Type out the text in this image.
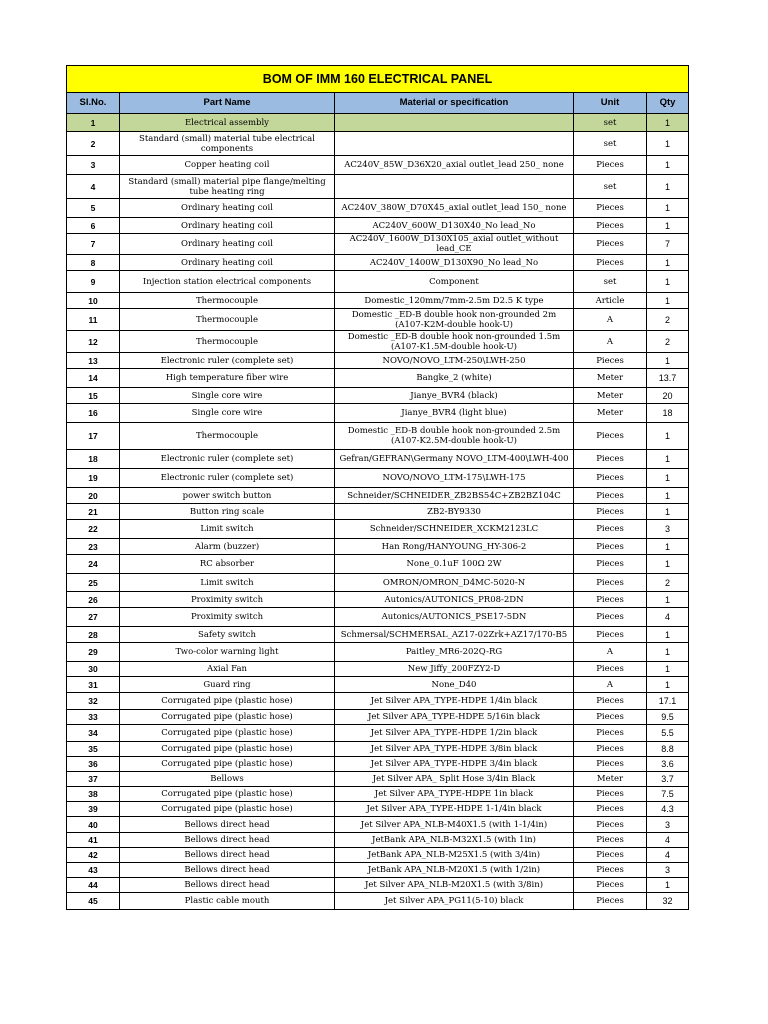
BOM OF IMM 160 ELECTRICAL PANEL				
Sl.No.	Part Name	Material or specification	Unit	Qty
1	Electrical assembly		set	1
2	Standard (small) material tube electrical components		set	1
3	Copper heating coil	AC240V_85W_D36X20_axial outlet_lead 250_ none	Pieces	1
4	Standard (small) material pipe flange/melting tube heating ring		set	1
5	Ordinary heating coil	AC240V_380W_D70X45_axial outlet_lead 150_ none	Pieces	1
6	Ordinary heating coil	AC240V_600W_D130X40_No lead_No	Pieces	1
7	Ordinary heating coil	AC240V_1600W_D130X105_axial outlet_without lead_CE	Pieces	7
8	Ordinary heating coil	AC240V_1400W_D130X90_No lead_No	Pieces	1
9	Injection station electrical components	Component	set	1
10	Thermocouple	Domestic_120mm/7mm-2.5m D2.5 K type	Article	1
11	Thermocouple	Domestic _ED-B double hook non-grounded 2m (A107-K2M-double hook-U)	A	2
12	Thermocouple	Domestic _ED-B double hook non-grounded 1.5m (A107-K1.5M-double hook-U)	A	2
13	Electronic ruler (complete set)	NOVO/NOVO_LTM-250\LWH-250	Pieces	1
14	High temperature fiber wire	Bangke_2 (white)	Meter	13.7
15	Single core wire	Jianye_BVR4 (black)	Meter	20
16	Single core wire	Jianye_BVR4 (light blue)	Meter	18
17	Thermocouple	Domestic _ED-B double hook non-grounded 2.5m (A107-K2.5M-double hook-U)	Pieces	1
18	Electronic ruler (complete set)	Gefran/GEFRAN\Germany NOVO_LTM-400\LWH-400	Pieces	1
19	Electronic ruler (complete set)	NOVO/NOVO_LTM-175\LWH-175	Pieces	1
20	power switch button	Schneider/SCHNEIDER_ZB2BS54C+ZB2BZ104C	Pieces	1
21	Button ring scale	ZB2-BY9330	Pieces	1
22	Limit switch	Schneider/SCHNEIDER_XCKM2123LC	Pieces	3
23	Alarm (buzzer)	Han Rong/HANYOUNG_HY-306-2	Pieces	1
24	RC absorber	None_0.1uF 100Ω 2W	Pieces	1
25	Limit switch	OMRON/OMRON_D4MC-5020-N	Pieces	2
26	Proximity switch	Autonics/AUTONICS_PR08-2DN	Pieces	1
27	Proximity switch	Autonics/AUTONICS_PSE17-5DN	Pieces	4
28	Safety switch	Schmersal/SCHMERSAL_AZ17-02Zrk+AZ17/170-B5	Pieces	1
29	Two-color warning light	Paitley_MR6-202Q-RG	A	1
30	Axial Fan	New Jiffy_200FZY2-D	Pieces	1
31	Guard ring	None_D40	A	1
32	Corrugated pipe (plastic hose)	Jet Silver APA_TYPE-HDPE 1/4in black	Pieces	17.1
33	Corrugated pipe (plastic hose)	Jet Silver APA_TYPE-HDPE 5/16in black	Pieces	9.5
34	Corrugated pipe (plastic hose)	Jet Silver APA_TYPE-HDPE 1/2in black	Pieces	5.5
35	Corrugated pipe (plastic hose)	Jet Silver APA_TYPE-HDPE 3/8in black	Pieces	8.8
36	Corrugated pipe (plastic hose)	Jet Silver APA_TYPE-HDPE 3/4in black	Pieces	3.6
37	Bellows	Jet Silver APA_ Split Hose 3/4in Black	Meter	3.7
38	Corrugated pipe (plastic hose)	Jet Silver APA_TYPE-HDPE 1in black	Pieces	7.5
39	Corrugated pipe (plastic hose)	Jet Silver APA_TYPE-HDPE 1-1/4in black	Pieces	4.3
40	Bellows direct head	Jet Silver APA_NLB-M40X1.5 (with 1-1/4in)	Pieces	3
41	Bellows direct head	JetBank APA_NLB-M32X1.5 (with 1in)	Pieces	4
42	Bellows direct head	JetBank APA_NLB-M25X1.5 (with 3/4in)	Pieces	4
43	Bellows direct head	JetBank APA_NLB-M20X1.5 (with 1/2in)	Pieces	3
44	Bellows direct head	Jet Silver APA_NLB-M20X1.5 (with 3/8in)	Pieces	1
45	Plastic cable mouth	Jet Silver APA_PG11(5-10) black	Pieces	32
